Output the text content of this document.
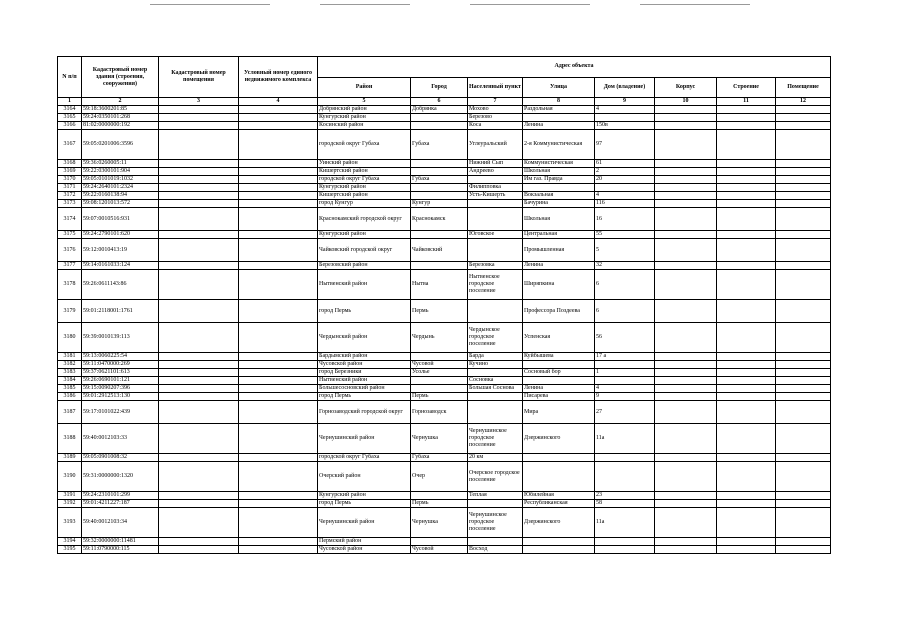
N п/п	Кадастровый номер здания (строения, сооружения)	Кадастровый номер помещения	Условный номер единого недвижимого комплекса	Адрес объекта							
				Район	Город	Населенный пункт	Улица	Дом (владение)	Корпус	Строение	Помещение
1	2	3	4	5	6	7	8	9	10	11	12
3164	59:18:3600201:85			Добрянский район	Добрянка	Мохово	Раздольная	4			
3165	59:24:0350101:268			Кунгурский район		Березово					
3166	81:02:0000000:192			Косинский район		Коса	Ленина	150в			
3167	59:05:0201006:3596			городской округ Губаха	Губаха	Углеуральский	2-я Коммунистическая	97			
3168	59:36:0260005:11			Уинский район		Нижний Сып	Коммунистическая	61			
3169	59:22:0300101:904			Кишертский район		Андреево	Школьная	2			
3170	59:05:0101019:1032			городской округ Губаха	Губаха		Им газ. Правда	20			
3171	59:24:2640101:2324			Кунгурский район		Филипповка					
3172	59:22:0160138:94			Кишертский район		Усть-Кишерть	Вокзальная	4			
3173	59:08:1201013:572			город Кунгур	Кунгур		Бачурина	116			
3174	59:07:0010516:931			Краснокамский городской округ	Краснокамск		Школьная	16			
3175	59:24:2790101:620			Кунгурский район		Юговское	Центральная	55			
3176	59:12:0010413:19			Чайковский городской округ	Чайковский		Промышленная	5			
3177	59:14:0161033:124			Березовский район		Березовка	Ленина	32			
3178	59:26:0611143:86			Нытвенский район	Нытва	Нытвенское городское поселение	Ширяпкина	6			
3179	59:01:2118001:1761			город Пермь	Пермь		Профессора Поздеева	6			
3180	59:39:0010139:113			Чердынский район	Чердынь	Чердынское городское поселение	Успенская	56			
3181	59:13:0060225:54			Бардымский район		Барда	Куйбышева	17 а			
3182	59:11:0470000:269			Чусовской район	Чусовой	Кучино					
3183	59:37:0621101:613			город Березники	Усолье		Сосновый бор	1			
3184	59:26:0690101:121			Нытвенский район		Сосновка					
3185	59:15:0090207:396			Большесосновский район		Большая Соснова	Ленина	4			
3186	59:01:2912513:130			город Пермь	Пермь		Писарева	9			
3187	59:17:0101022:439			Горнозаводский городской округ	Горнозаводск		Мира	27			
3188	59:40:0012103:33			Чернушинский район	Чернушка	Чернушинское городское поселение	Дзержинского	11а			
3189	59:05:0901008:32			городской округ Губаха	Губаха	20 км					
3190	59:31:0000000:1320			Очерский район	Очер	Очерское городское поселение					
3191	59:24:2310101:299			Кунгурский район		Теплая	Юбилейная	23			
3192	59:01:4211227:187			город Пермь	Пермь		Республиканская	58			
3193	59:40:0012103:34			Чернушинский район	Чернушка	Чернушинское городское поселение	Дзержинского	11а			
3194	59:32:0000000:11481			Пермский район							
3195	59:11:0790000:115			Чусовской район	Чусовой	Восход					
